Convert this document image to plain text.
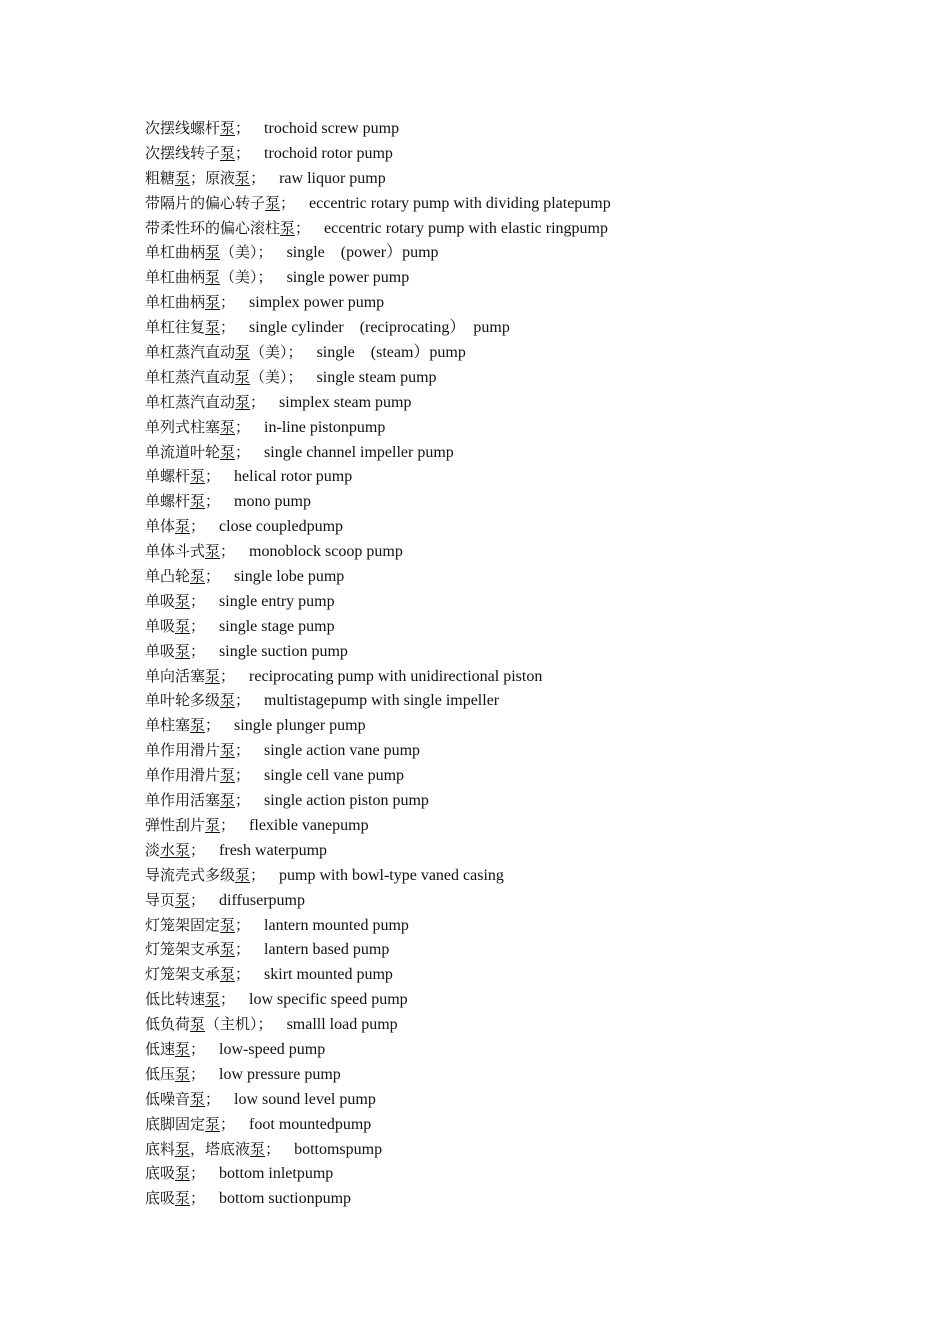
次摆线螺杆泵； trochoid screw pump
次摆线转子泵； trochoid rotor pump
粗糖泵；原液泵； raw liquor pump
带隔片的偏心转子泵； eccentric rotary pump with dividing platepump
带柔性环的偏心滚柱泵； eccentric rotary pump with elastic ringpump
单杠曲柄泵（美）； single　(power）pump
单杠曲柄泵（美）； single power pump
单杠曲柄泵； simplex power pump
单杠往复泵； single cylinder　(reciprocating）　pump
单杠蒸汽直动泵（美）； single　(steam）pump
单杠蒸汽直动泵（美）； single steam pump
单杠蒸汽直动泵； simplex steam pump
单列式柱塞泵； in-line pistonpump
单流道叶轮泵； single channel impeller pump
单螺杆泵； helical rotor pump
单螺杆泵； mono pump
单体泵； close coupledpump
单体斗式泵； monoblock scoop pump
单凸轮泵； single lobe pump
单吸泵； single entry pump
单吸泵； single stage pump
单吸泵； single suction pump
单向活塞泵； reciprocating pump with unidirectional piston
单叶轮多级泵； multistagepump with single impeller
单柱塞泵； single plunger pump
单作用滑片泵； single action vane pump
单作用滑片泵； single cell vane pump
单作用活塞泵； single action piston pump
弹性刮片泵； flexible vanepump
淡水泵； fresh waterpump
导流壳式多级泵； pump with bowl-type vaned casing
导页泵； diffuserpump
灯笼架固定泵； lantern mounted pump
灯笼架支承泵； lantern based pump
灯笼架支承泵； skirt mounted pump
低比转速泵； low specific speed pump
低负荷泵（主机）； smalll load pump
低速泵； low-speed pump
低压泵； low pressure pump
低噪音泵； low sound level pump
底脚固定泵； foot mountedpump
底料泵，塔底液泵； bottomspump
底吸泵； bottom inletpump
底吸泵； bottom suctionpump
